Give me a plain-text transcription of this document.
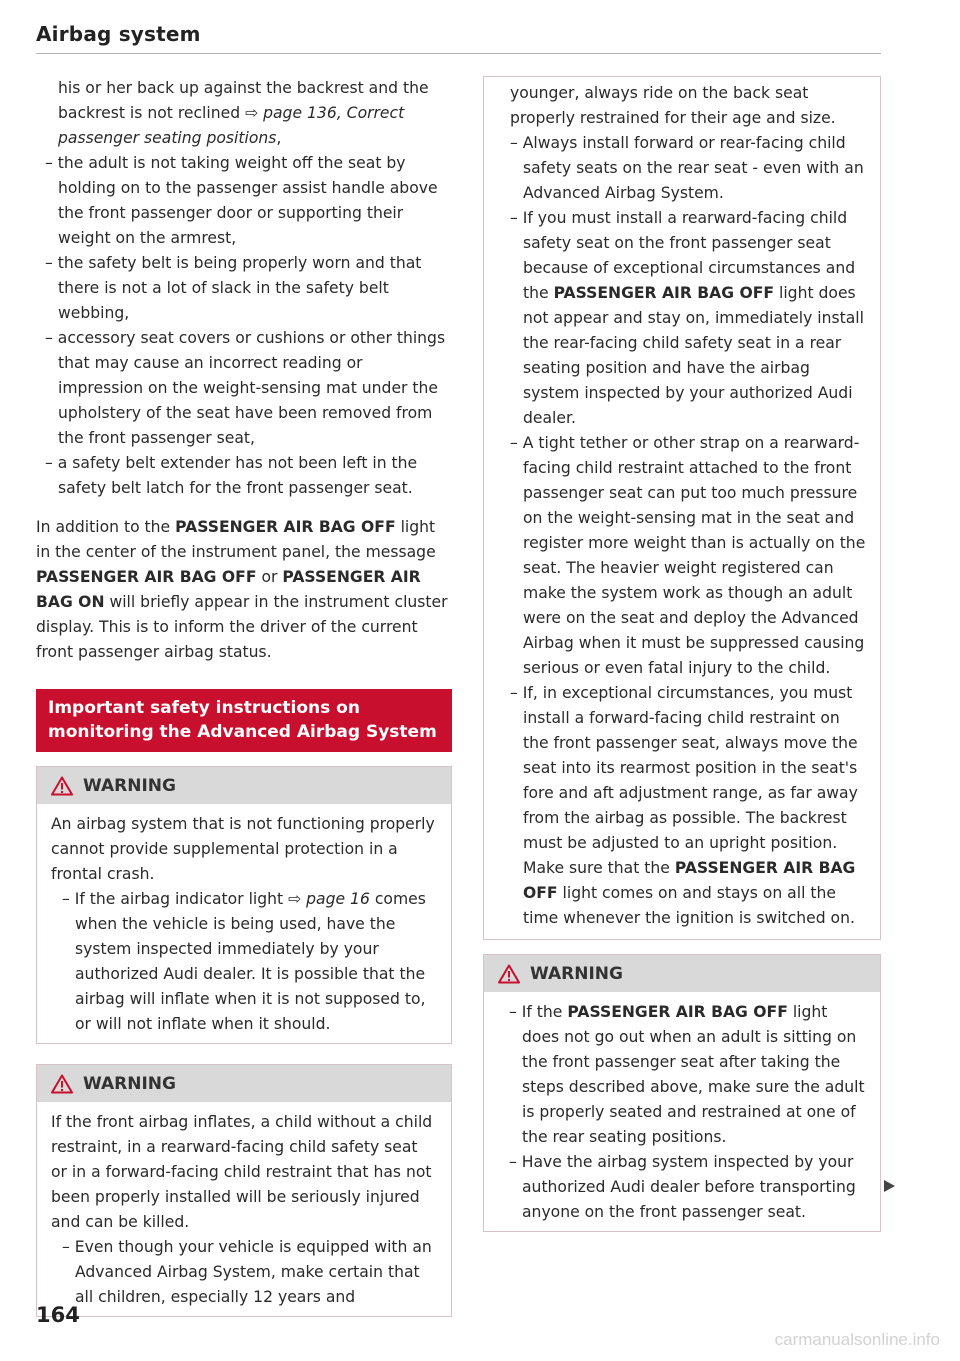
Airbag system

his or her back up against the backrest and the backrest is not reclined ⇨ page 136, Correct passenger seating positions,

– the adult is not taking weight off the seat by holding on to the passenger assist handle above the front passenger door or supporting their weight on the armrest,

– the safety belt is being properly worn and that there is not a lot of slack in the safety belt webbing,

– accessory seat covers or cushions or other things that may cause an incorrect reading or impression on the weight-sensing mat under the upholstery of the seat have been removed from the front passenger seat,

– a safety belt extender has not been left in the safety belt latch for the front passenger seat.

In addition to the PASSENGER AIR BAG OFF light in the center of the instrument panel, the message PASSENGER AIR BAG OFF or PASSENGER AIR BAG ON will briefly appear in the instrument cluster display. This is to inform the driver of the current front passenger airbag status.

Important safety instructions on monitoring the Advanced Airbag System
WARNING

An airbag system that is not functioning properly cannot provide supplemental protection in a frontal crash.

– If the airbag indicator light ⇨ page 16 comes when the vehicle is being used, have the system inspected immediately by your authorized Audi dealer. It is possible that the airbag will inflate when it is not supposed to, or will not inflate when it should.

WARNING

If the front airbag inflates, a child without a child restraint, in a rearward-facing child safety seat or in a forward-facing child restraint that has not been properly installed will be seriously injured and can be killed.

– Even though your vehicle is equipped with an Advanced Airbag System, make certain that all children, especially 12 years and

younger, always ride on the back seat properly restrained for their age and size.

– Always install forward or rear-facing child safety seats on the rear seat - even with an Advanced Airbag System.

– If you must install a rearward-facing child safety seat on the front passenger seat because of exceptional circumstances and the PASSENGER AIR BAG OFF light does not appear and stay on, immediately install the rear-facing child safety seat in a rear seating position and have the airbag system inspected by your authorized Audi dealer.

– A tight tether or other strap on a rearward-facing child restraint attached to the front passenger seat can put too much pressure on the weight-sensing mat in the seat and register more weight than is actually on the seat. The heavier weight registered can make the system work as though an adult were on the seat and deploy the Advanced Airbag when it must be suppressed causing serious or even fatal injury to the child.

– If, in exceptional circumstances, you must install a forward-facing child restraint on the front passenger seat, always move the seat into its rearmost position in the seat's fore and aft adjustment range, as far away from the airbag as possible. The backrest must be adjusted to an upright position. Make sure that the PASSENGER AIR BAG OFF light comes on and stays on all the time whenever the ignition is switched on.

WARNING

– If the PASSENGER AIR BAG OFF light does not go out when an adult is sitting on the front passenger seat after taking the steps described above, make sure the adult is properly seated and restrained at one of the rear seating positions.

– Have the airbag system inspected by your authorized Audi dealer before transporting anyone on the front passenger seat.

164
carmanualsonline.info
